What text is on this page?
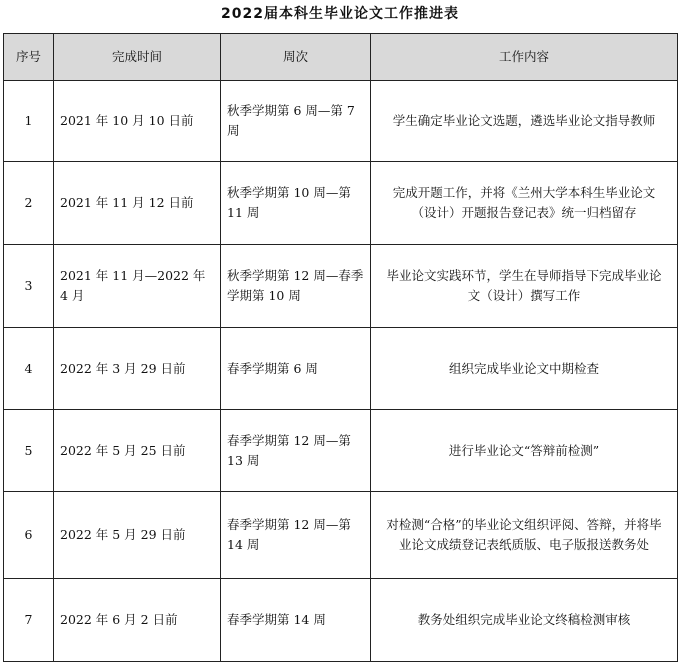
2022届本科生毕业论文工作推进表
序号	完成时间	周次	工作内容
1	2021 年 10 月 10 日前	秋季学期第 6 周—第 7 周	学生确定毕业论文选题，遴选毕业论文指导教师
2	2021 年 11 月 12 日前	秋季学期第 10 周—第 11 周	完成开题工作，并将《兰州大学本科生毕业论文（设计）开题报告登记表》统一归档留存
3	2021 年 11 月—2022 年 4 月	秋季学期第 12 周—春季学期第 10 周	毕业论文实践环节，学生在导师指导下完成毕业论文（设计）撰写工作
4	2022 年 3 月 29 日前	春季学期第 6 周	组织完成毕业论文中期检查
5	2022 年 5 月 25 日前	春季学期第 12 周—第 13 周	进行毕业论文“答辩前检测”
6	2022 年 5 月 29 日前	春季学期第 12 周—第 14 周	对检测“合格”的毕业论文组织评阅、答辩，并将毕业论文成绩登记表纸质版、电子版报送教务处
7	2022 年 6 月 2 日前	春季学期第 14 周	教务处组织完成毕业论文终稿检测审核
